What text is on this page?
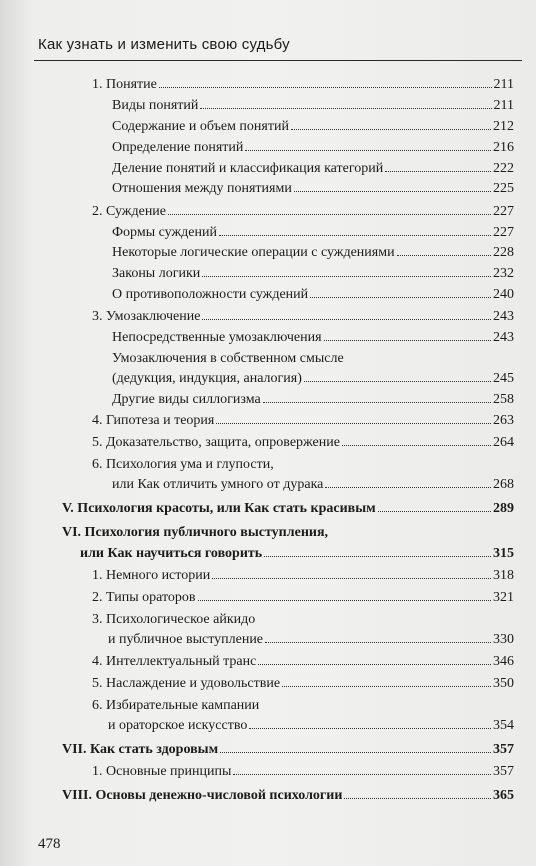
Как узнать и изменить свою судьбу
1. Понятие	211
Виды понятий	211
Содержание и объем понятий	212
Определение понятий	216
Деление понятий и классификация категорий	222
Отношения между понятиями	225
2. Суждение	227
Формы суждений	227
Некоторые логические операции с суждениями	228
Законы логики	232
О противоположности суждений	240
3. Умозаключение	243
Непосредственные умозаключения	243
Умозаключения в собственном смысле
(дедукция, индукция, аналогия)	245
Другие виды силлогизма	258
4. Гипотеза и теория	263
5. Доказательство, защита, опровержение	264
6. Психология ума и глупости,
или Как отличить умного от дурака	268
V. Психология красоты, или Как стать красивым	289
VI. Психология публичного выступления,
или Как научиться говорить	315
1. Немного истории	318
2. Типы ораторов	321
3. Психологическое айкидо
и публичное выступление	330
4. Интеллектуальный транс	346
5. Наслаждение и удовольствие	350
6. Избирательные кампании
и ораторское искусство	354
VII. Как стать здоровым	357
1. Основные принципы	357
VIII. Основы денежно-числовой психологии	365
478
